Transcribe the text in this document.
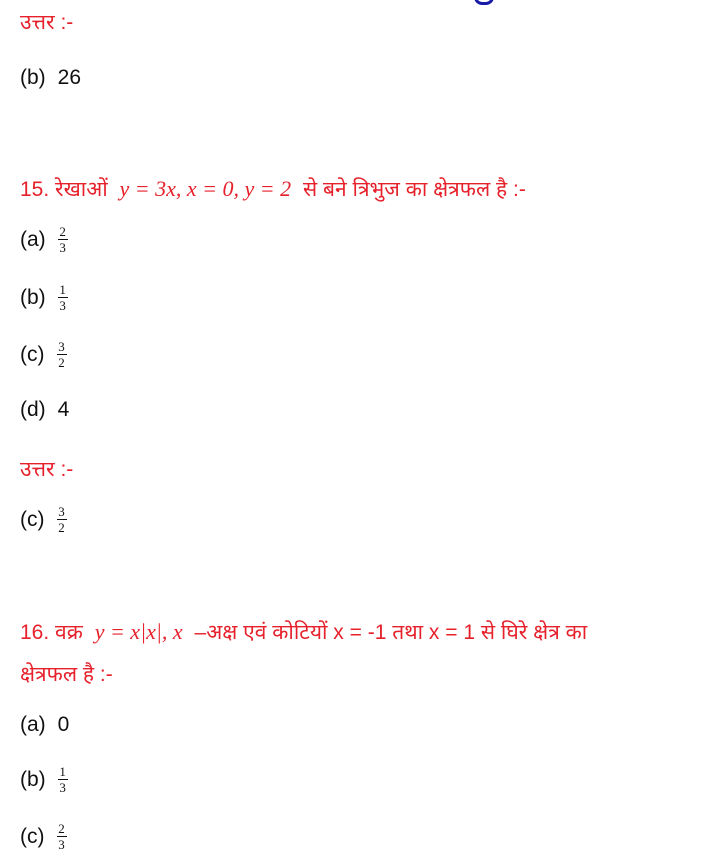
उत्तर :-
(b) 26
15. रेखाओं y = 3x, x = 0, y = 2 से बने त्रिभुज का क्षेत्रफल है :-
$(a) \frac{2}{3}$
$(b) \frac{1}{3}$
$(c) \frac{3}{2}$
(d) 4
उत्तर :-
$(c) \frac{3}{2}$
16. वक्र y = x|x|, x –अक्ष एवं कोटियों x = -1 तथा x = 1 से घिरे क्षेत्र का
क्षेत्रफल है :-
(a) 0
$(b) \frac{1}{3}$
$(c) \frac{2}{3}$
